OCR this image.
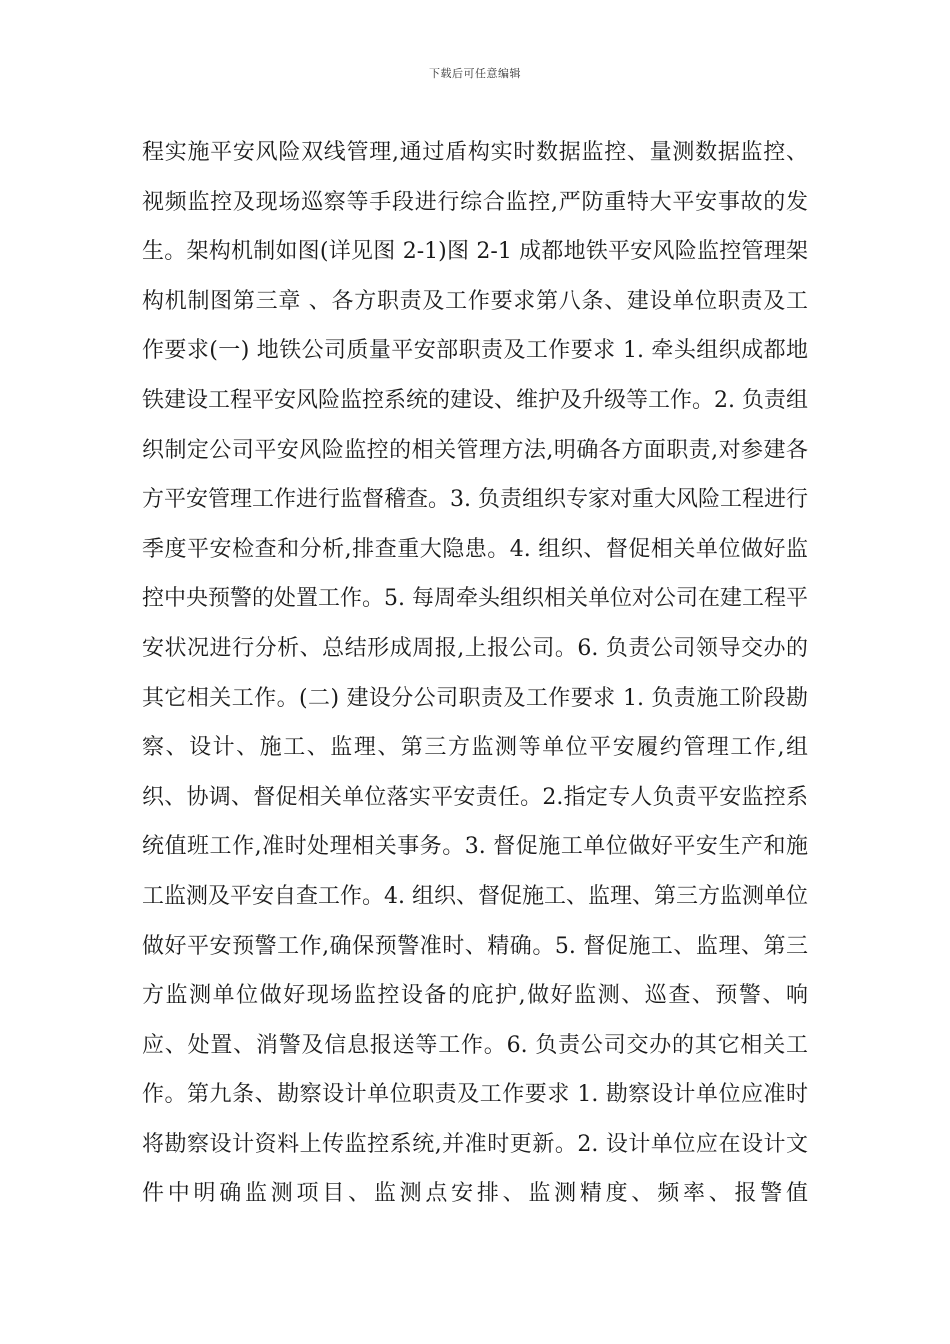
下载后可任意编辑

程实施平安风险双线管理,通过盾构实时数据监控、量测数据监控、视频监控及现场巡察等手段进行综合监控,严防重特大平安事故的发生。架构机制如图(详见图 2-1)图 2-1 成都地铁平安风险监控管理架构机制图第三章 、各方职责及工作要求第八条、建设单位职责及工作要求(一) 地铁公司质量平安部职责及工作要求 1. 牵头组织成都地铁建设工程平安风险监控系统的建设、维护及升级等工作。2. 负责组织制定公司平安风险监控的相关管理方法,明确各方面职责,对参建各方平安管理工作进行监督稽查。3. 负责组织专家对重大风险工程进行季度平安检查和分析,排查重大隐患。4. 组织、督促相关单位做好监控中央预警的处置工作。5. 每周牵头组织相关单位对公司在建工程平安状况进行分析、总结形成周报,上报公司。6. 负责公司领导交办的其它相关工作。(二) 建设分公司职责及工作要求 1. 负责施工阶段勘察、设计、施工、监理、第三方监测等单位平安履约管理工作,组织、协调、督促相关单位落实平安责任。2.指定专人负责平安监控系统值班工作,准时处理相关事务。3. 督促施工单位做好平安生产和施工监测及平安自查工作。4. 组织、督促施工、监理、第三方监测单位做好平安预警工作,确保预警准时、精确。5. 督促施工、监理、第三方监测单位做好现场监控设备的庇护,做好监测、巡查、预警、响应、处置、消警及信息报送等工作。6. 负责公司交办的其它相关工作。第九条、勘察设计单位职责及工作要求 1. 勘察设计单位应准时将勘察设计资料上传监控系统,并准时更新。2. 设计单位应在设计文件中明确监测项目、监测点安排、监测精度、频率、报警值
